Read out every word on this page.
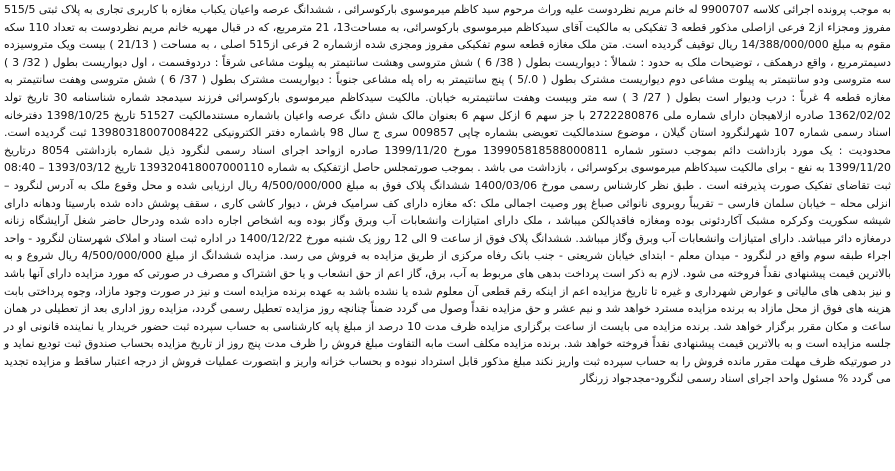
به موجب پرونده اجرائی کلاسه 9900707 له خانم مریم نظردوست علیه وراث مرحوم سید کاظم میرموسوی بارکوسرائی ، ششدانگ عرصه واعیان یکباب مغازه با کاربری تجاری به پلاک ثبتی 515/5 مفروز ومجزاء از2 فرعی ازاصلی مذکور قطعه 3 تفکیکی به مالکیت آقای سیدکاظم میرموسوی بارکوسرائی، به مساحت13، 21 مترمربع، که در قبال مهریه خانم مریم نظردوست به تعداد 110 سکه مقوم به مبلغ 14/388/000/000 ریال توقیف گردیده است. متن ملک مغازه قطعه سوم تفکیکی مفروز ومجزی شده ازشماره 2 فرعی از515 اصلی ، به مساحت ( 21/13 ) بیست ویک متروسیزده دسیمترمربع ، واقع درهمکف ، توضیحات ملک به حدود : شمالاً : دیواریست بطول ( 38/ 6 ) شش متروسی وهشت سانتیمتر به پیلوت مشاعی شرقاً : دردوقسمت ، اول دیواریست بطول ( 32/ 3 ) سه متروسی ودو سانتیمتر به پیلوت مشاعی دوم دیواریست مشترک بطول ( 0./5 ) پنج سانتیمتر به راه پله مشاعی جنوباً : دیواریست مشترک بطول ( 37/ 6 ) شش متروسی وهفت سانتیمتر به مغازه قطعه 4 غرباً : درب ودیوار است بطول ( 27/ 3 ) سه متر وبیست وهفت سانتیمتربه خیابان. مالکیت سیدکاظم میرموسوی بارکوسرائی فرزند سیدمجد شماره شناسنامه 30 تاریخ تولد 1362/02/02 صادره ازلاهیجان دارای شماره ملی 2722280876 با جز سهم 6 ازکل سهم 6 بعنوان مالک شش دانگ عرصه واعیان باشماره مستندمالکیت 51527 تاریخ 1398/10/25 دفترخانه اسناد رسمی شماره 107 شهرلنگرود استان گیلان ، موضوع سندمالکیت تعویضی بشماره چاپی 009857 سری ج سال 98 باشماره دفتر الکترونیکی 139803180070084​22 ثبت گردیده است. محدودیت : یک مورد بازداشت دائم بموجب دستور شماره 139905818588000811 مورخ 1399/11/20 صادره ازواحد اجرای اسناد رسمی لنگرود ذیل شماره بازداشتی 8054 درتاریخ 1399/11/20 به نفع - برای مالکیت سیدکاظم میرموسوی برکوسرائی ، بازداشت می باشد . بموجب صورتمجلس حاصل ازتفکیک به شماره 139320418007000110 تاریخ 1393/03/12 – 08:40 ثبت تقاضای تفکیک صورت پذیرفته است . طبق نظر کارشناس رسمی مورخ 1400/03/06 ششدانگ پلاک فوق به مبلغ 4/500/000/000 ریال ارزیابی شده و محل وقوع ملک به آدرس لنگرود – انزلی محله – خیابان سلمان فارسی – تقریباً روبروی نانوائی صباغ پور وصیت اجمالی ملک :که مغازه دارای کف سرامیک فرش ، دیوار کاشی کاری ، سقف پوشش داده شده بارسیتا ودهانه دارای شیشه سکوریت وکرکره مشبک آکاردئونی بوده ومغازه فاقدپالکن میباشد ، ملک دارای امتیازات وانشعابات آب وبرق وگاز بوده وبه اشخاص اجاره داده شده ودرحال حاضر شغل آرایشگاه زنانه درمغازه دائر میباشد. دارای امتیازات وانشعابات آب وبرق وگاز میباشد. ششدانگ پلاک فوق از ساعت 9 الی 12 روز یک شنبه مورخ 1400/12/22 در اداره ثبت اسناد و املاک شهرستان لنگرود - واحد اجراء طبقه سوم واقع در لنگرود - میدان معلم - ابتدای خیابان شریعتی - جنب بانک رفاه مرکزی از طریق مزایده به فروش می رسد. مزایده ششدانگ از مبلغ 4/500/000/000 ریال شروع و به بالاترین قیمت پیشنهادی نقداً فروخته می شود. لازم به ذکر است پرداخت بدهی های مربوط به آب، برق، گاز اعم از حق انشعاب و یا حق اشتراک و مصرف در صورتی که مورد مزایده دارای آنها باشد و نیز بدهی های مالیاتی و عوارض شهرداری و غیره تا تاریخ مزایده اعم از اینکه رقم قطعی آن معلوم شده یا نشده باشد به عهده برنده مزایده است و نیز در صورت وجود مازاد، وجوه پرداختی بابت هزینه های فوق از محل مازاد به برنده مزایده مسترد خواهد شد و نیم عشر و حق مزایده نقداً وصول می گردد ضمناً چنانچه روز مزایده تعطیل رسمی گردد، مزایده روز اداری بعد از تعطیلی در همان ساعت و مکان مقرر برگزار خواهد شد. برنده مزایده می بایست از ساعت برگزاری مزایده ظرف مدت 10 درصد از مبلغ پایه کارشناسی به حساب سپرده ثبت حضور خریدار یا نماینده قانونی او در جلسه مزایده است و به بالاترین قیمت پیشنهادی نقداً فروخته خواهد شد. برنده مزایده مکلف است مابه التفاوت مبلغ فروش را ظرف مدت پنج روز از تاریخ مزایده بحساب صندوق ثبت توديع نمايد و در صورتیکه ظرف مهلت مقرر مانده فروش را به حساب سپرده ثبت واریز نکند مبلغ مذکور قابل استرداد نبوده و بحساب خزانه واریز و ابتصورت عملیات فروش از درجه اعتبار ساقط و مزایده تجدید می گردد % مسئول واحد اجرای اسناد رسمی لنگرود-مجدجواد زرنگار
